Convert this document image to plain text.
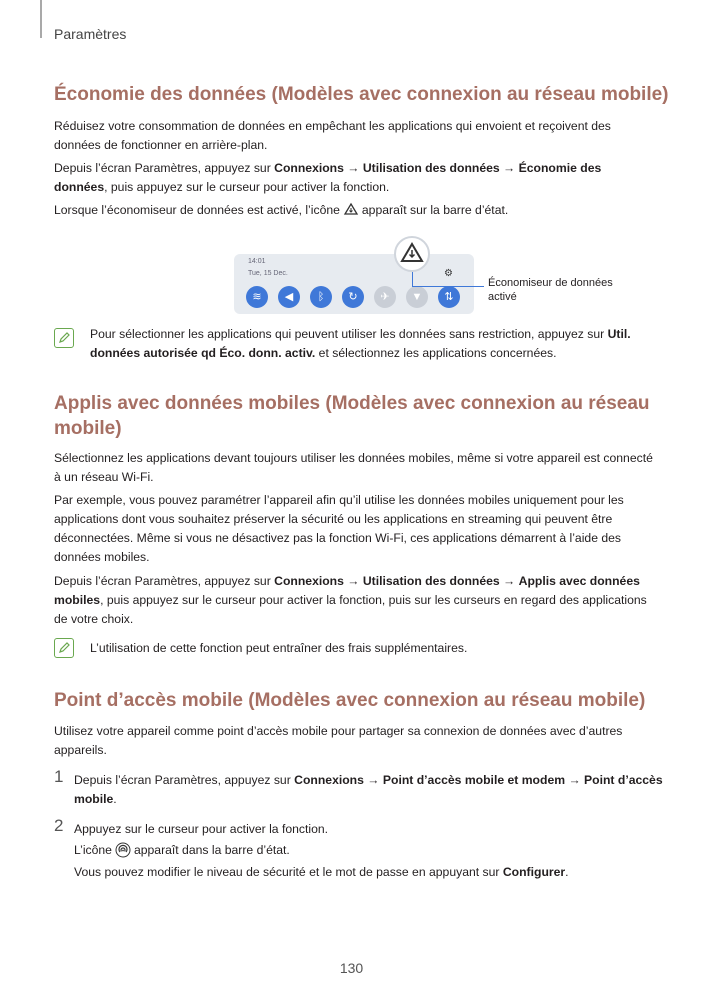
Paramètres
Économie des données (Modèles avec connexion au réseau mobile)

Réduisez votre consommation de données en empêchant les applications qui envoient et reçoivent des données de fonctionner en arrière-plan.

Depuis l’écran Paramètres, appuyez sur Connexions → Utilisation des données → Économie des données, puis appuyez sur le curseur pour activer la fonction.

Lorsque l’économiseur de données est activé, l’icône apparaît sur la barre d’état.

14:01
Tue, 15 Dec.	⚙
≋	◀	ᛒ	↻	✈	▼	⇅
Économiseur de données activé

Pour sélectionner les applications qui peuvent utiliser les données sans restriction, appuyez sur Util. données autorisée qd Éco. donn. activ. et sélectionnez les applications concernées.

Applis avec données mobiles (Modèles avec connexion au réseau mobile)

Sélectionnez les applications devant toujours utiliser les données mobiles, même si votre appareil est connecté à un réseau Wi-Fi.

Par exemple, vous pouvez paramétrer l’appareil afin qu’il utilise les données mobiles uniquement pour les applications dont vous souhaitez préserver la sécurité ou les applications en streaming qui peuvent être déconnectées. Même si vous ne désactivez pas la fonction Wi-Fi, ces applications démarrent à l’aide des données mobiles.

Depuis l’écran Paramètres, appuyez sur Connexions → Utilisation des données → Applis avec données mobiles, puis appuyez sur le curseur pour activer la fonction, puis sur les curseurs en regard des applications de votre choix.

L’utilisation de cette fonction peut entraîner des frais supplémentaires.

Point d’accès mobile (Modèles avec connexion au réseau mobile)

Utilisez votre appareil comme point d’accès mobile pour partager sa connexion de données avec d’autres appareils.

1 Depuis l’écran Paramètres, appuyez sur Connexions → Point d’accès mobile et modem → Point d’accès mobile.

2 Appuyez sur le curseur pour activer la fonction.

L’icône apparaît dans la barre d’état.

Vous pouvez modifier le niveau de sécurité et le mot de passe en appuyant sur Configurer.

130
